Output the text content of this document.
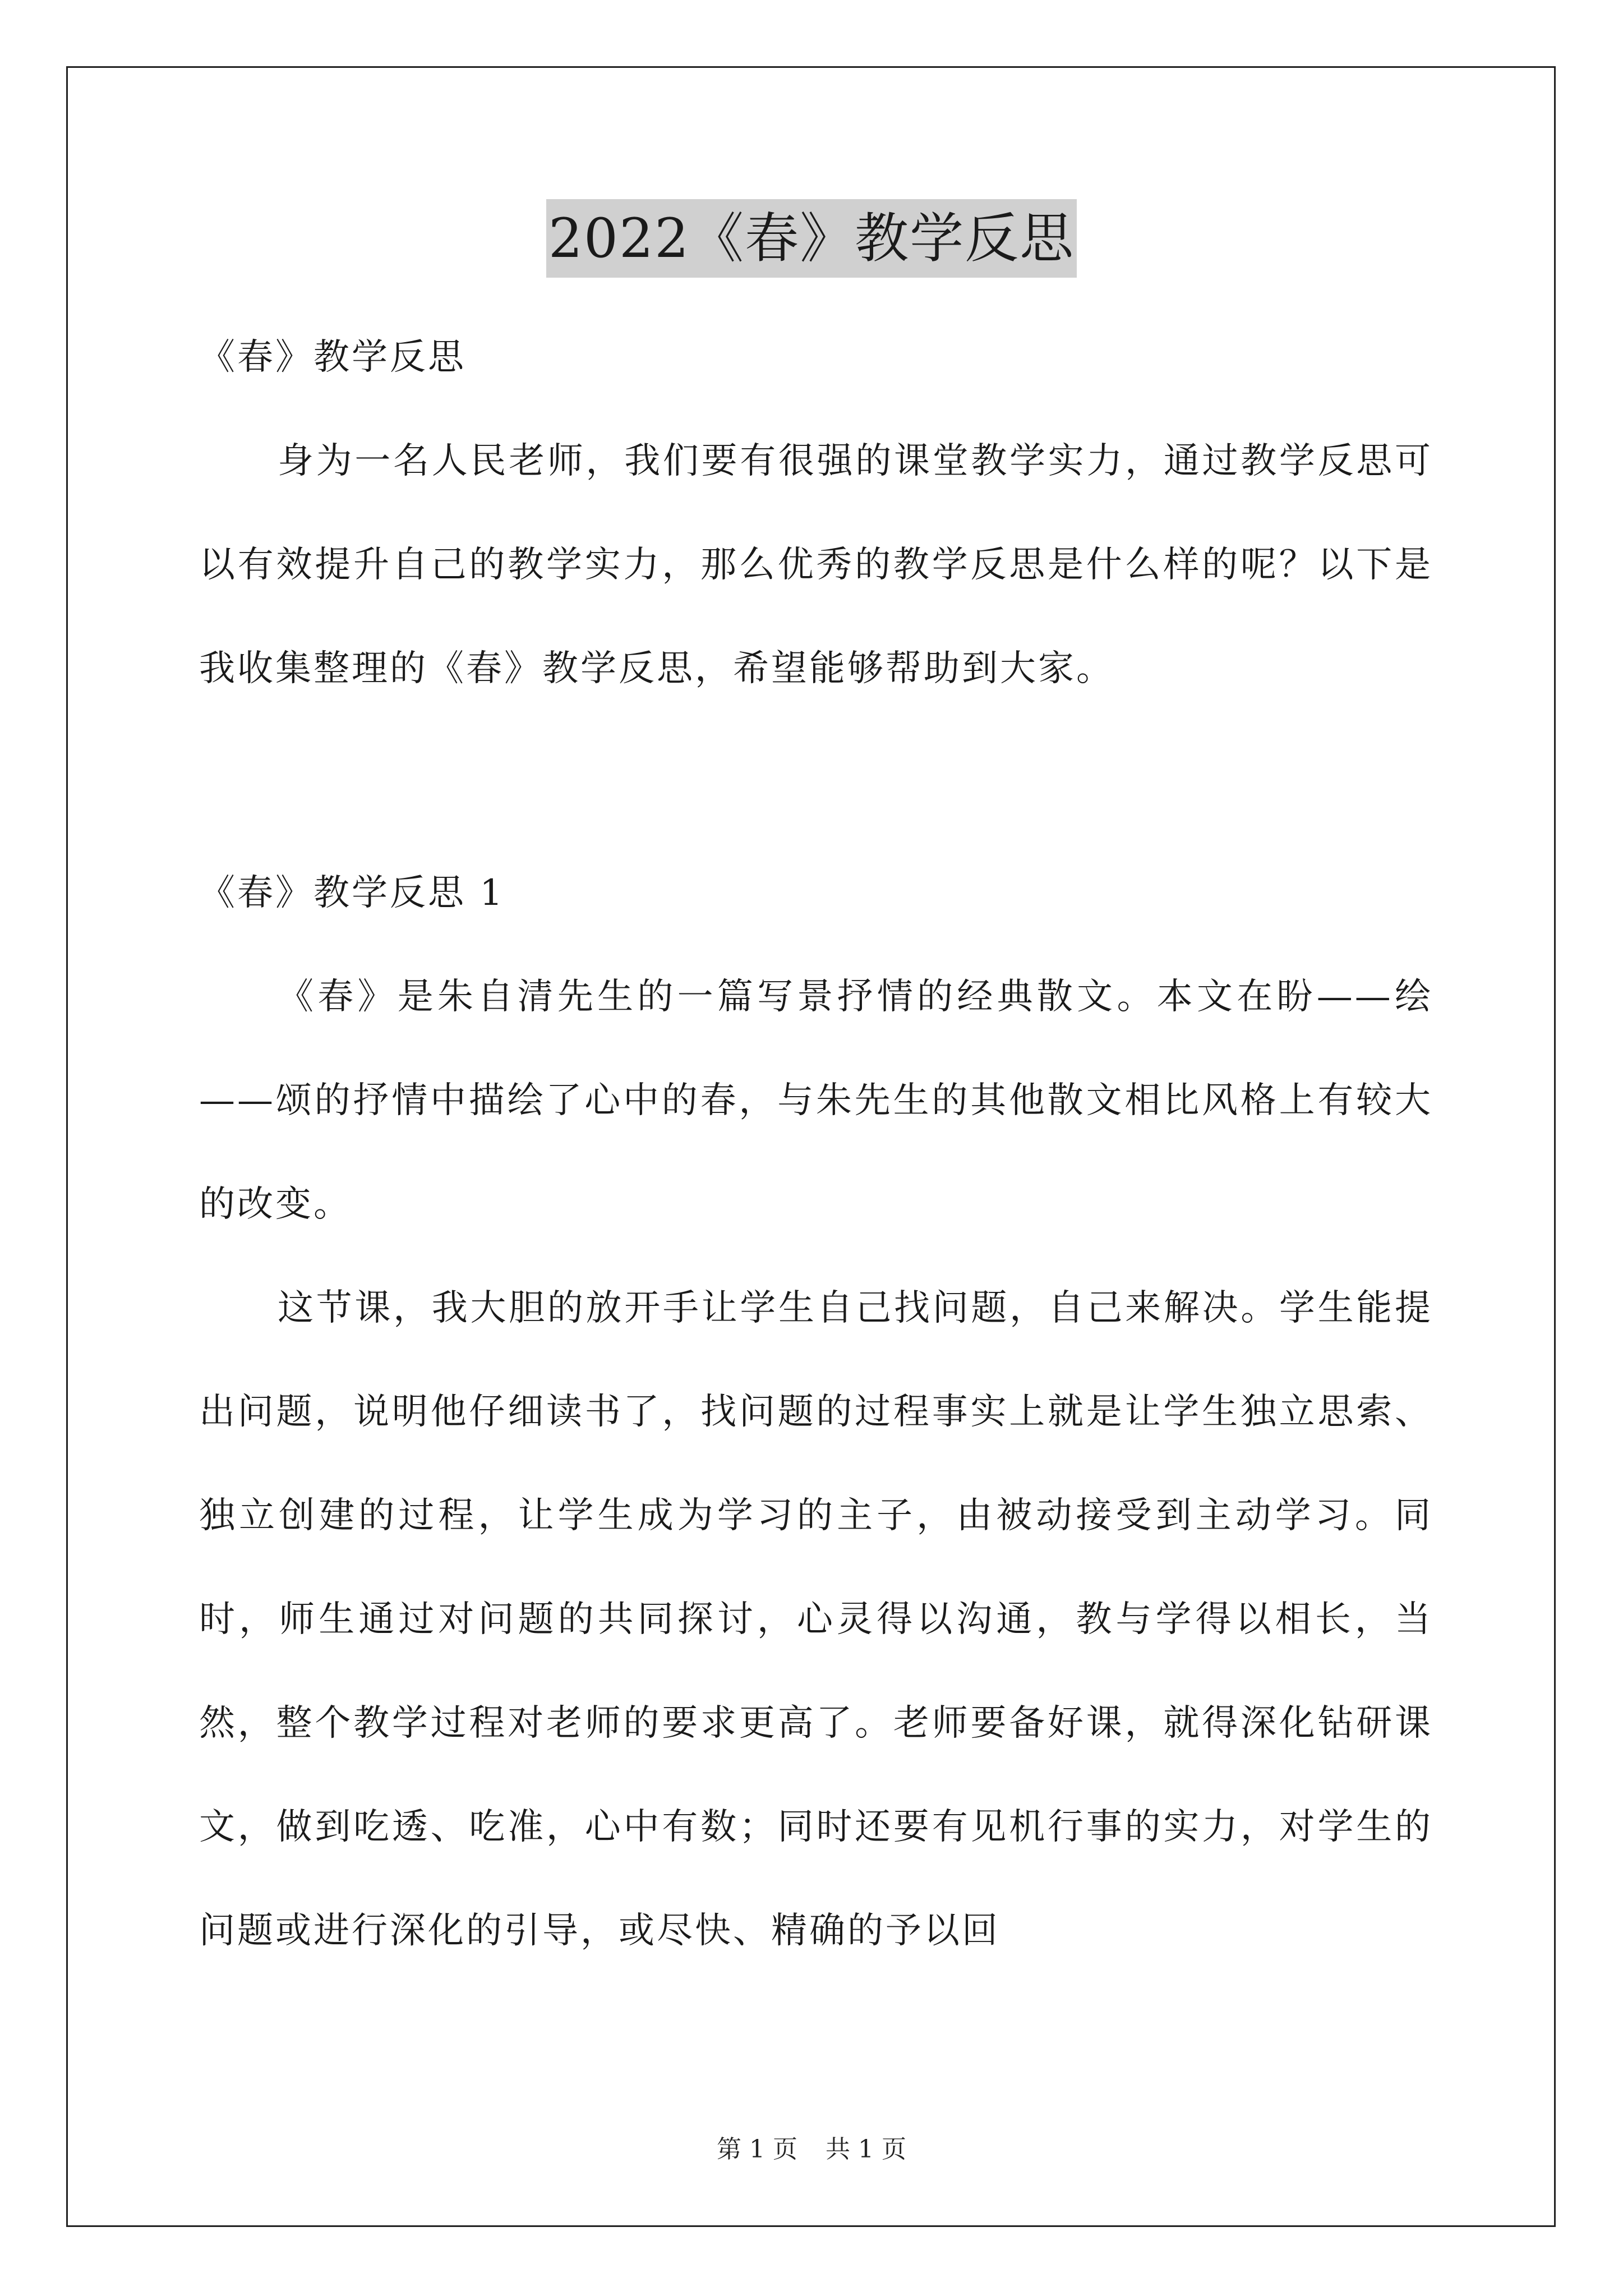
2022《春》教学反思

《春》教学反思

身为一名人民老师，我们要有很强的课堂教学实力，通过教学反思可以有效提升自己的教学实力，那么优秀的教学反思是什么样的呢？以下是我收集整理的《春》教学反思，希望能够帮助到大家。

《春》教学反思 1

《春》是朱自清先生的一篇写景抒情的经典散文。本文在盼——绘——颂的抒情中描绘了心中的春，与朱先生的其他散文相比风格上有较大的改变。

这节课，我大胆的放开手让学生自己找问题，自己来解决。学生能提出问题，说明他仔细读书了，找问题的过程事实上就是让学生独立思索、独立创建的过程，让学生成为学习的主子，由被动接受到主动学习。同时，师生通过对问题的共同探讨，心灵得以沟通，教与学得以相长，当然，整个教学过程对老师的要求更高了。老师要备好课，就得深化钻研课文，做到吃透、吃准，心中有数；同时还要有见机行事的实力，对学生的问题或进行深化的引导，或尽快、精确的予以回

第 1 页 共 1 页
